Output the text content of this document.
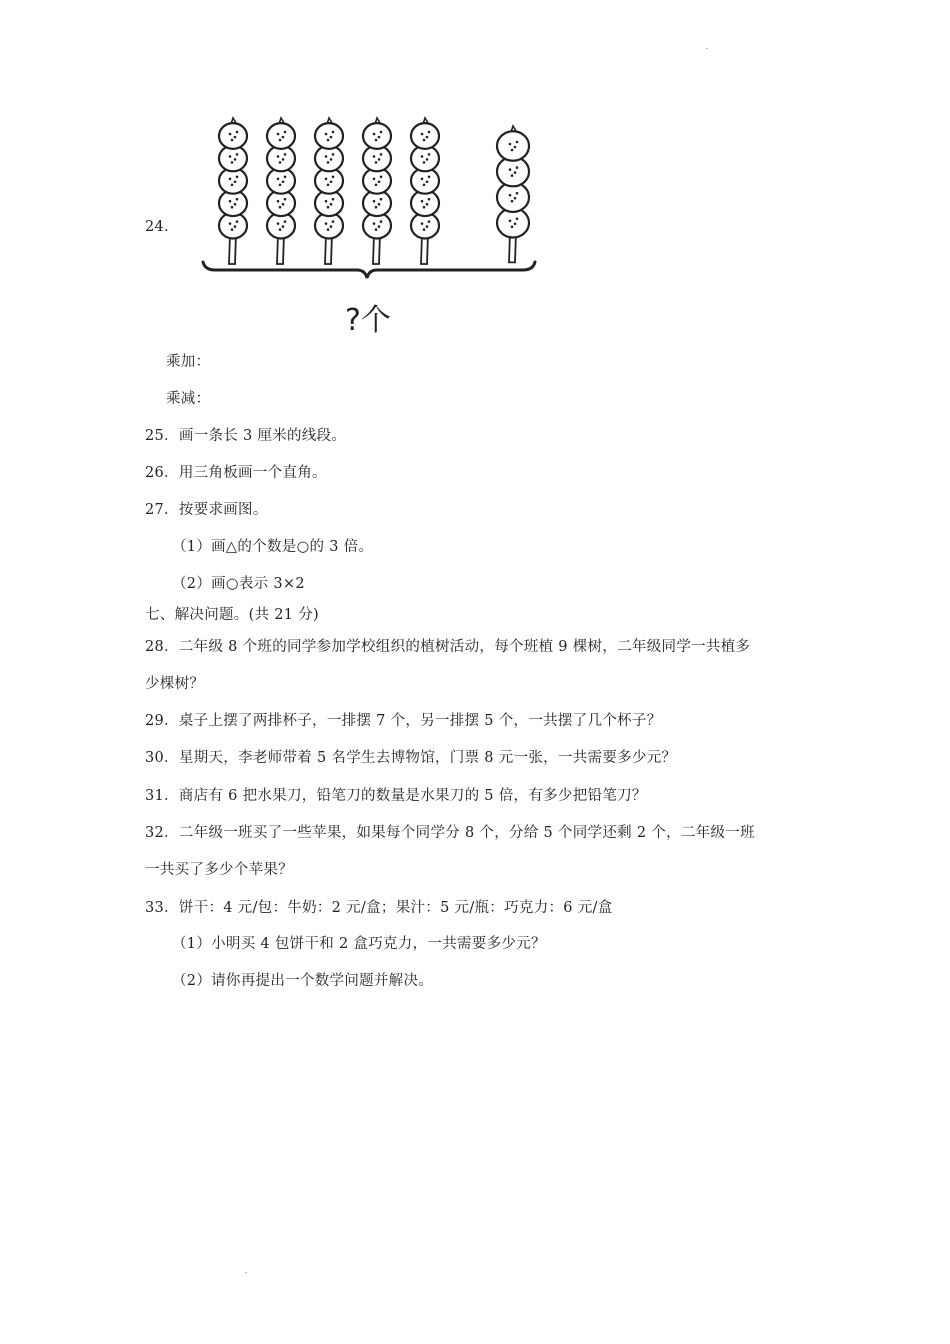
24.
?个
乘加：
乘减：
25．画一条长 3 厘米的线段。
26．用三角板画一个直角。
27．按要求画图。
（1）画△的个数是○的 3 倍。
（2）画○表示 3×2
七、解决问题。(共 21 分)
28．二年级 8 个班的同学参加学校组织的植树活动，每个班植 9 棵树，二年级同学一共植多
少棵树？
29．桌子上摆了两排杯子，一排摆 7 个，另一排摆 5 个，一共摆了几个杯子？
30．星期天，李老师带着 5 名学生去博物馆，门票 8 元一张，一共需要多少元？
31．商店有 6 把水果刀，铅笔刀的数量是水果刀的 5 倍，有多少把铅笔刀？
32．二年级一班买了一些苹果，如果每个同学分 8 个，分给 5 个同学还剩 2 个，二年级一班
一共买了多少个苹果？
33．饼干：4 元/包：牛奶：2 元/盒；果汁：5 元/瓶：巧克力：6 元/盒
（1）小明买 4 包饼干和 2 盒巧克力，一共需要多少元？
（2）请你再提出一个数学问题并解决。
